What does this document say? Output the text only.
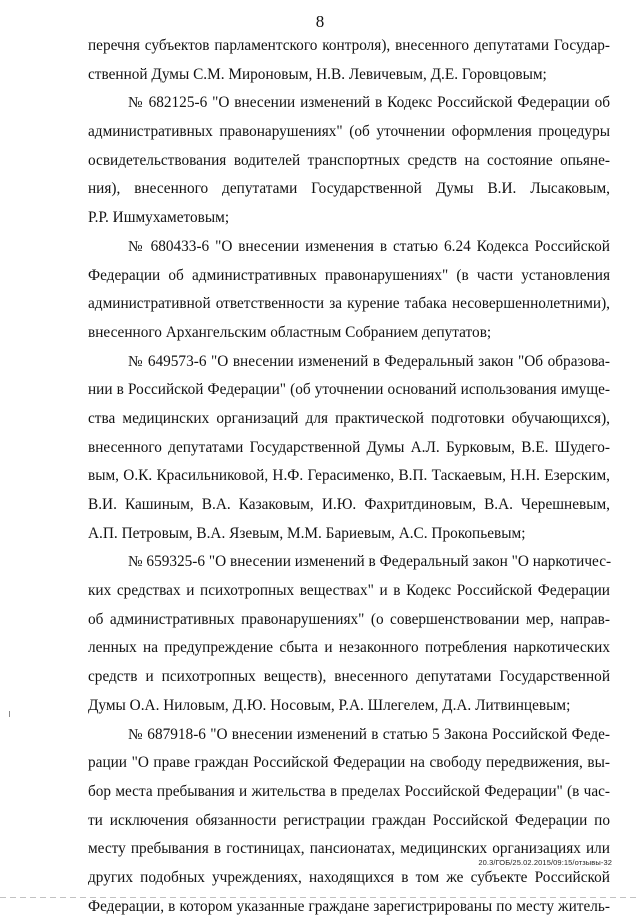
8
перечня субъектов парламентского контроля), внесенного депутатами Государ-
ственной Думы С.М. Мироновым, Н.В. Левичевым, Д.Е. Горовцовым;
№ 682125-6 "О внесении изменений в Кодекс Российской Федерации об
административных правонарушениях" (об уточнении оформления процедуры
освидетельствования водителей транспортных средств на состояние опьяне-
ния), внесенного депутатами Государственной Думы В.И. Лысаковым,
Р.Р. Ишмухаметовым;
№ 680433-6 "О внесении изменения в статью 6.24 Кодекса Российской
Федерации об административных правонарушениях" (в части установления
административной ответственности за курение табака несовершеннолетними),
внесенного Архангельским областным Собранием депутатов;
№ 649573-6 "О внесении изменений в Федеральный закон "Об образова-
нии в Российской Федерации" (об уточнении оснований использования имуще-
ства медицинских организаций для практической подготовки обучающихся),
внесенного депутатами Государственной Думы А.Л. Бурковым, В.Е. Шудего-
вым, О.К. Красильниковой, Н.Ф. Герасименко, В.П. Таскаевым, Н.Н. Езерским,
В.И. Кашиным, В.А. Казаковым, И.Ю. Фахритдиновым, В.А. Черешневым,
А.П. Петровым, В.А. Язевым, М.М. Бариевым, А.С. Прокопьевым;
№ 659325-6 "О внесении изменений в Федеральный закон "О наркотичес-
ких средствах и психотропных веществах" и в Кодекс Российской Федерации
об административных правонарушениях" (о совершенствовании мер, направ-
ленных на предупреждение сбыта и незаконного потребления наркотических
средств и психотропных веществ), внесенного депутатами Государственной
Думы О.А. Ниловым, Д.Ю. Носовым, Р.А. Шлегелем, Д.А. Литвинцевым;
№ 687918-6 "О внесении изменений в статью 5 Закона Российской Феде-
рации "О праве граждан Российской Федерации на свободу передвижения, вы-
бор места пребывания и жительства в пределах Российской Федерации" (в час-
ти исключения обязанности регистрации граждан Российской Федерации по
месту пребывания в гостиницах, пансионатах, медицинских организациях или
других подобных учреждениях, находящихся в том же субъекте Российской
Федерации, в котором указанные граждане зарегистрированы по месту житель-
20.3/ГОБ/25.02.2015/09:15/отзывы-32
